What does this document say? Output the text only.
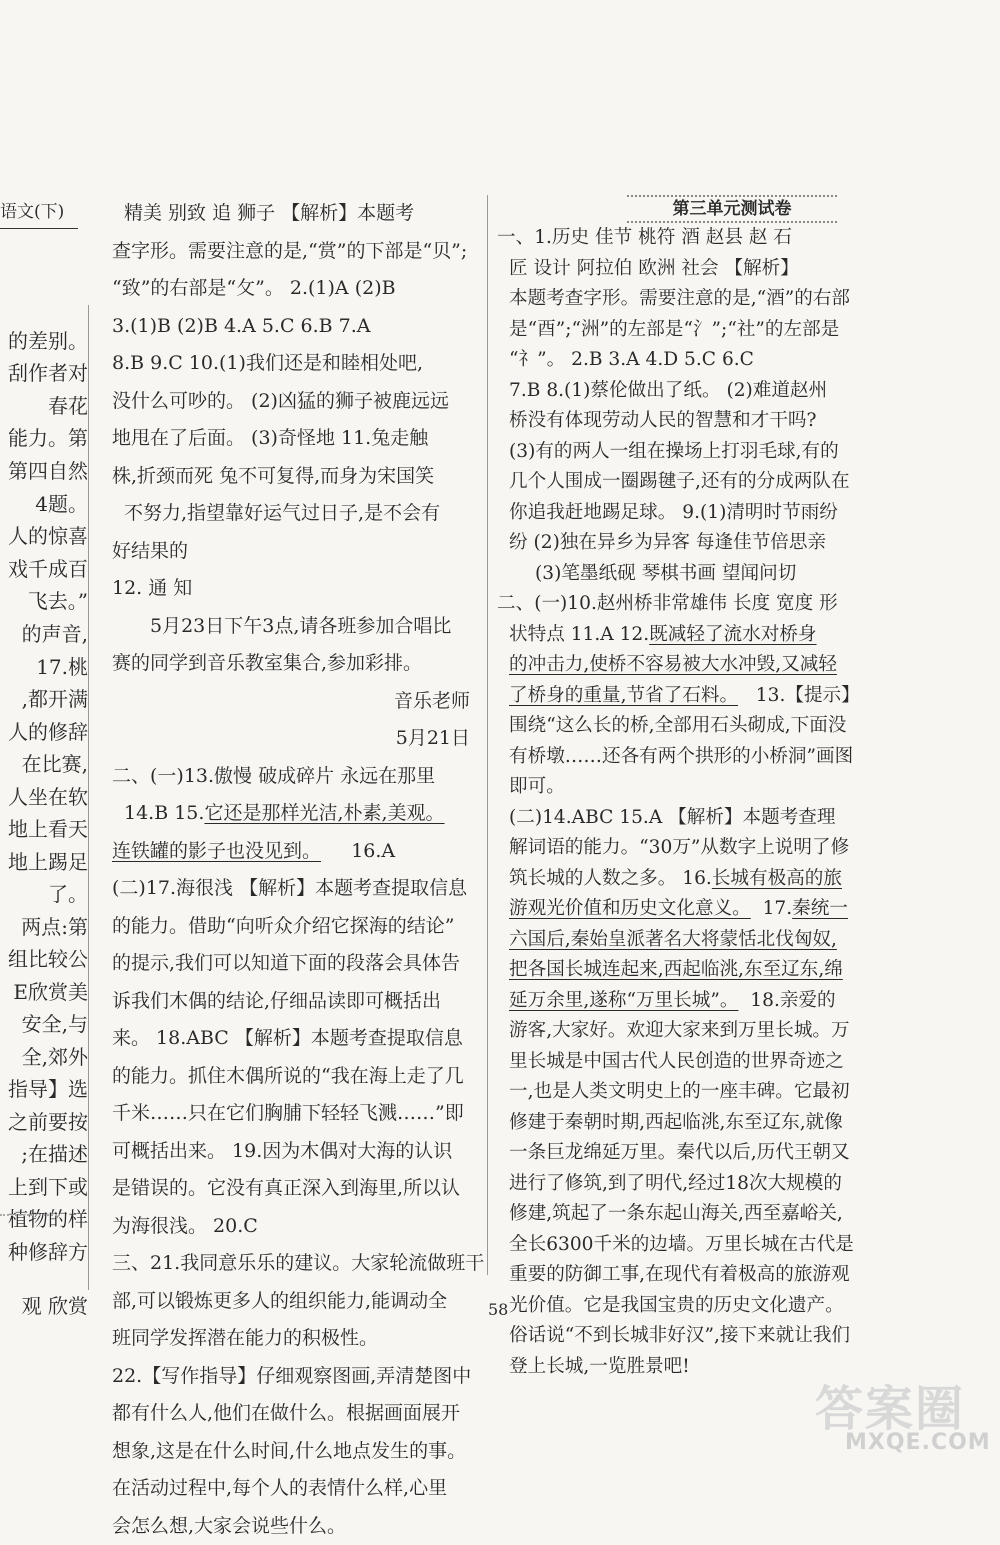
语文(下)
的差别。
刮作者对
春花
能力。第
第四自然
4题。
人的惊喜
戏千成百
飞去。”
的声音,
17.桃
,都开满
人的修辞
在比赛,
人坐在软
地上看天
地上踢足
了。
两点:第
组比较公
E欣赏美
安全,与
全,郊外
指导】选
之前要按
;在描述
上到下或
植物的样
种修辞方
观 欣赏
精美 别致 追 狮子 【解析】本题考
查字形。需要注意的是,“赏”的下部是“贝”;
“致”的右部是“攵”。 2.(1)A (2)B
3.(1)B (2)B 4.A 5.C 6.B 7.A
8.B 9.C 10.(1)我们还是和睦相处吧,
没什么可吵的。 (2)凶猛的狮子被鹿远远
地甩在了后面。 (3)奇怪地 11.兔走触
株,折颈而死 兔不可复得,而身为宋国笑
不努力,指望靠好运气过日子,是不会有
好结果的
12. 通 知
5月23日下午3点,请各班参加合唱比
赛的同学到音乐教室集合,参加彩排。
音乐老师
5月21日
二、(一)13.傲慢 破成碎片 永远在那里
14.B 15.它还是那样光洁,朴素,美观。
连铁罐的影子也没见到。 16.A
(二)17.海很浅 【解析】本题考查提取信息
的能力。借助“向听众介绍它探海的结论”
的提示,我们可以知道下面的段落会具体告
诉我们木偶的结论,仔细品读即可概括出
来。 18.ABC 【解析】本题考查提取信息
的能力。抓住木偶所说的“我在海上走了几
千米……只在它们胸脯下轻轻飞溅……”即
可概括出来。 19.因为木偶对大海的认识
是错误的。它没有真正深入到海里,所以认
为海很浅。 20.C
三、21.我同意乐乐的建议。大家轮流做班干
部,可以锻炼更多人的组织能力,能调动全
班同学发挥潜在能力的积极性。
22.【写作指导】仔细观察图画,弄清楚图中
都有什么人,他们在做什么。根据画面展开
想象,这是在什么时间,什么地点发生的事。
在活动过程中,每个人的表情什么样,心里
会怎么想,大家会说些什么。
第三单元测试卷
一、1.历史 佳节 桃符 酒 赵县 赵 石
匠 设计 阿拉伯 欧洲 社会 【解析】
本题考查字形。需要注意的是,“酒”的右部
是“酉”;“洲”的左部是“氵”;“社”的左部是
“礻”。 2.B 3.A 4.D 5.C 6.C
7.B 8.(1)蔡伦做出了纸。 (2)难道赵州
桥没有体现劳动人民的智慧和才干吗?
(3)有的两人一组在操场上打羽毛球,有的
几个人围成一圈踢毽子,还有的分成两队在
你追我赶地踢足球。 9.(1)清明时节雨纷
纷 (2)独在异乡为异客 每逢佳节倍思亲
(3)笔墨纸砚 琴棋书画 望闻问切
二、(一)10.赵州桥非常雄伟 长度 宽度 形
状特点 11.A 12.既减轻了流水对桥身
的冲击力,使桥不容易被大水冲毁,又减轻
了桥身的重量,节省了石料。 13.【提示】
围绕“这么长的桥,全部用石头砌成,下面没
有桥墩……还各有两个拱形的小桥洞”画图
即可。
(二)14.ABC 15.A 【解析】本题考查理
解词语的能力。“30万”从数字上说明了修
筑长城的人数之多。 16.长城有极高的旅
游观光价值和历史文化意义。 17.秦统一
六国后,秦始皇派著名大将蒙恬北伐匈奴,
把各国长城连起来,西起临洮,东至辽东,绵
延万余里,遂称“万里长城”。 18.亲爱的
游客,大家好。欢迎大家来到万里长城。万
里长城是中国古代人民创造的世界奇迹之
一,也是人类文明史上的一座丰碑。它最初
修建于秦朝时期,西起临洮,东至辽东,就像
一条巨龙绵延万里。秦代以后,历代王朝又
进行了修筑,到了明代,经过18次大规模的
修建,筑起了一条东起山海关,西至嘉峪关,
全长6300千米的边墙。万里长城在古代是
重要的防御工事,在现代有着极高的旅游观
光价值。它是我国宝贵的历史文化遗产。
俗话说“不到长城非好汉”,接下来就让我们
登上长城,一览胜景吧!
58
答案圈
MXQE.COM
